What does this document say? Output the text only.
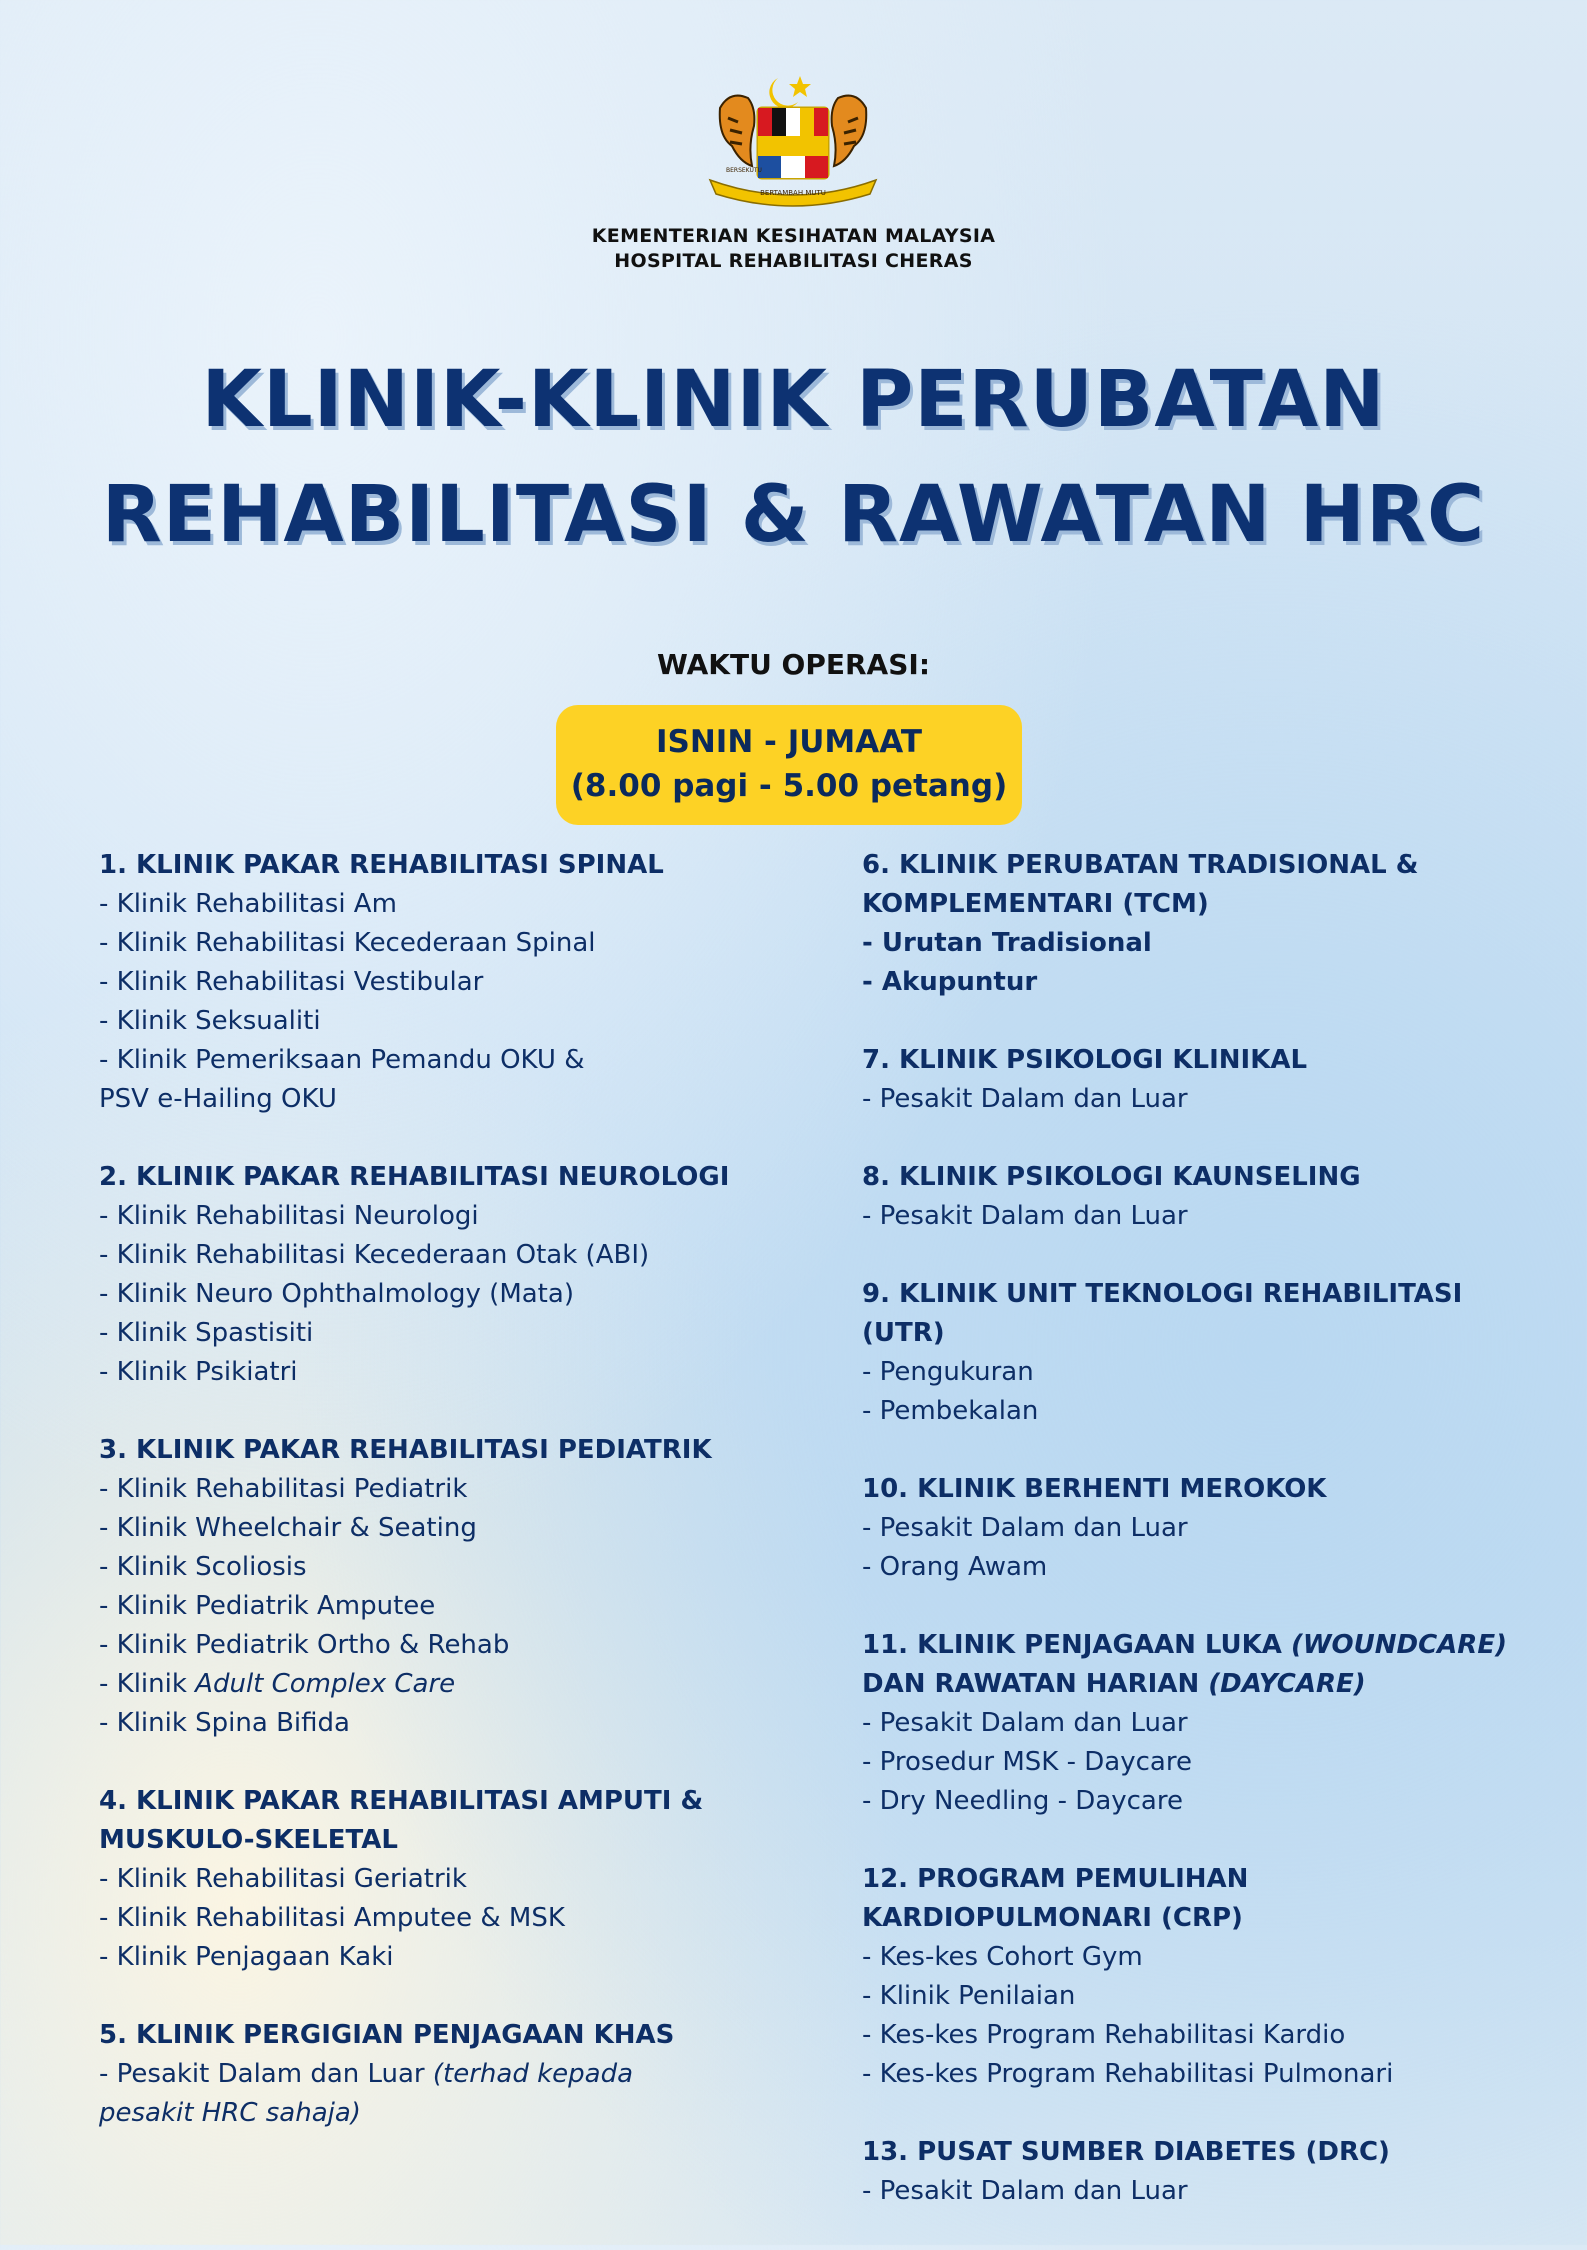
BERTAMBAH MUTU
BERSEKUTU
KEMENTERIAN KESIHATAN MALAYSIA
HOSPITAL REHABILITASI CHERAS
KLINIK-KLINIK PERUBATAN
REHABILITASI & RAWATAN HRC
WAKTU OPERASI:
ISNIN - JUMAAT
(8.00 pagi - 5.00 petang)
1. KLINIK PAKAR REHABILITASI SPINAL
- Klinik Rehabilitasi Am
- Klinik Rehabilitasi Kecederaan Spinal
- Klinik Rehabilitasi Vestibular
- Klinik Seksualiti
- Klinik Pemeriksaan Pemandu OKU &
PSV e-Hailing OKU
2. KLINIK PAKAR REHABILITASI NEUROLOGI
- Klinik Rehabilitasi Neurologi
- Klinik Rehabilitasi Kecederaan Otak (ABI)
- Klinik Neuro Ophthalmology (Mata)
- Klinik Spastisiti
- Klinik Psikiatri
3. KLINIK PAKAR REHABILITASI PEDIATRIK
- Klinik Rehabilitasi Pediatrik
- Klinik Wheelchair & Seating
- Klinik Scoliosis
- Klinik Pediatrik Amputee
- Klinik Pediatrik Ortho & Rehab
- Klinik Adult Complex Care
- Klinik Spina Bifida
4. KLINIK PAKAR REHABILITASI AMPUTI &
MUSKULO-SKELETAL
- Klinik Rehabilitasi Geriatrik
- Klinik Rehabilitasi Amputee & MSK
- Klinik Penjagaan Kaki
5. KLINIK PERGIGIAN PENJAGAAN KHAS
- Pesakit Dalam dan Luar (terhad kepada
pesakit HRC sahaja)
6. KLINIK PERUBATAN TRADISIONAL &
KOMPLEMENTARI (TCM)
- Urutan Tradisional
- Akupuntur
7. KLINIK PSIKOLOGI KLINIKAL
- Pesakit Dalam dan Luar
8. KLINIK PSIKOLOGI KAUNSELING
- Pesakit Dalam dan Luar
9. KLINIK UNIT TEKNOLOGI REHABILITASI
(UTR)
- Pengukuran
- Pembekalan
10. KLINIK BERHENTI MEROKOK
- Pesakit Dalam dan Luar
- Orang Awam
11. KLINIK PENJAGAAN LUKA (WOUNDCARE)
DAN RAWATAN HARIAN (DAYCARE)
- Pesakit Dalam dan Luar
- Prosedur MSK - Daycare
- Dry Needling - Daycare
12. PROGRAM PEMULIHAN
KARDIOPULMONARI (CRP)
- Kes-kes Cohort Gym
- Klinik Penilaian
- Kes-kes Program Rehabilitasi Kardio
- Kes-kes Program Rehabilitasi Pulmonari
13. PUSAT SUMBER DIABETES (DRC)
- Pesakit Dalam dan Luar
